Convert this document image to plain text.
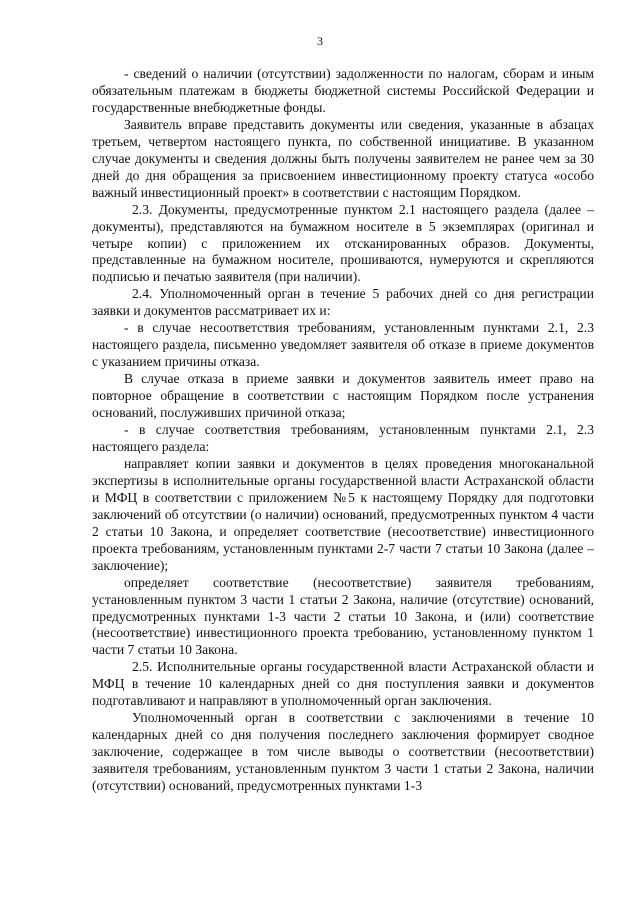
3

- сведений о наличии (отсутствии) задолженности по налогам, сборам и иным обязательным платежам в бюджеты бюджетной системы Российской Федерации и государственные внебюджетные фонды.

Заявитель вправе представить документы или сведения, указанные в абзацах третьем, четвертом настоящего пункта, по собственной инициативе. В указанном случае документы и сведения должны быть получены заявителем не ранее чем за 30 дней до дня обращения за присвоением инвестиционному проекту статуса «особо важный инвестиционный проект» в соответствии с настоящим Порядком.

2.3. Документы, предусмотренные пунктом 2.1 настоящего раздела (далее – документы), представляются на бумажном носителе в 5 экземплярах (оригинал и четыре копии) с приложением их отсканированных образов. Документы, представленные на бумажном носителе, прошиваются, нумеруются и скрепляются подписью и печатью заявителя (при наличии).

2.4. Уполномоченный орган в течение 5 рабочих дней со дня регистрации заявки и документов рассматривает их и:

- в случае несоответствия требованиям, установленным пунктами 2.1, 2.3 настоящего раздела, письменно уведомляет заявителя об отказе в приеме документов с указанием причины отказа.

В случае отказа в приеме заявки и документов заявитель имеет право на повторное обращение в соответствии с настоящим Порядком после устранения оснований, послуживших причиной отказа;

- в случае соответствия требованиям, установленным пунктами 2.1, 2.3 настоящего раздела:

направляет копии заявки и документов в целях проведения многоканальной экспертизы в исполнительные органы государственной власти Астраханской области и МФЦ в соответствии с приложением №5 к настоящему Порядку для подготовки заключений об отсутствии (о наличии) оснований, предусмотренных пунктом 4 части 2 статьи 10 Закона, и определяет соответствие (несоответствие) инвестиционного проекта требованиям, установленным пунктами 2-7 части 7 статьи 10 Закона (далее – заключение);

определяет соответствие (несоответствие) заявителя требованиям, установленным пунктом 3 части 1 статьи 2 Закона, наличие (отсутствие) оснований, предусмотренных пунктами 1-3 части 2 статьи 10 Закона, и (или) соответствие (несоответствие) инвестиционного проекта требованию, установленному пунктом 1 части 7 статьи 10 Закона.

2.5. Исполнительные органы государственной власти Астраханской области и МФЦ в течение 10 календарных дней со дня поступления заявки и документов подготавливают и направляют в уполномоченный орган заключения.

Уполномоченный орган в соответствии с заключениями в течение 10 календарных дней со дня получения последнего заключения формирует сводное заключение, содержащее в том числе выводы о соответствии (несоответствии) заявителя требованиям, установленным пунктом 3 части 1 статьи 2 Закона, наличии (отсутствии) оснований, предусмотренных пунктами 1-3
